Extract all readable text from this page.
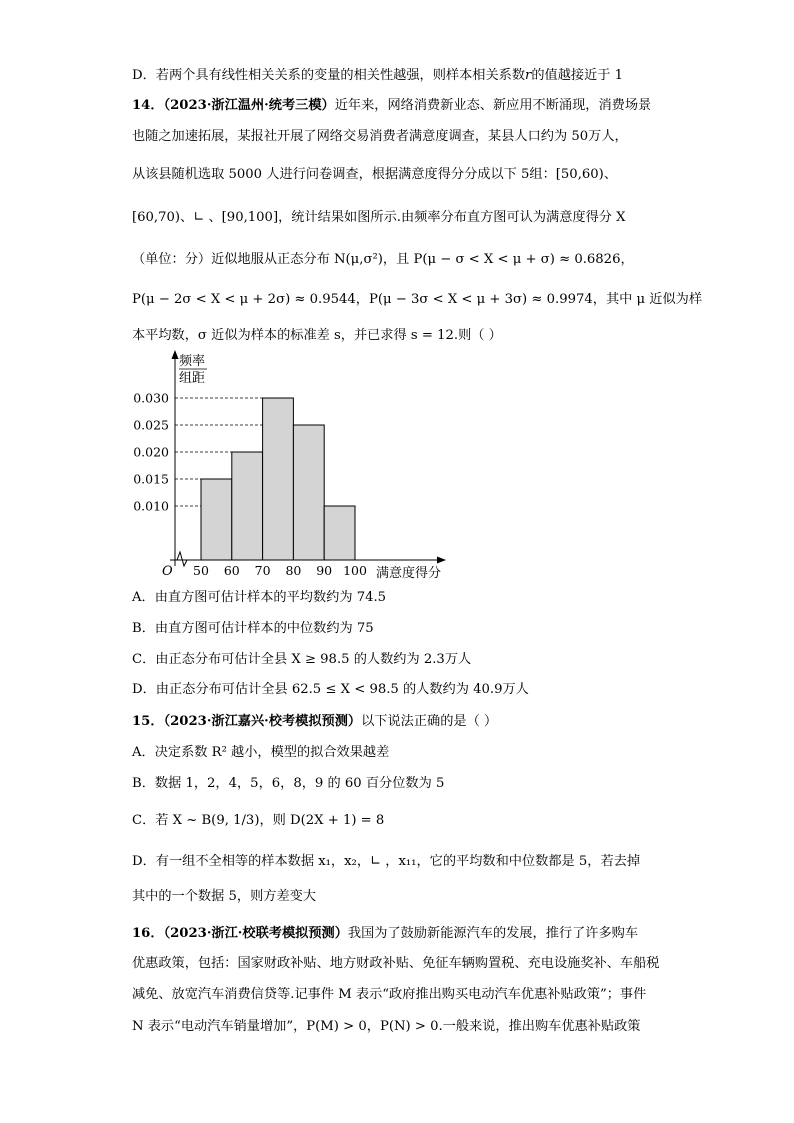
D．若两个具有线性相关关系的变量的相关性越强，则样本相关系数r的值越接近于 1
14．（2023·浙江温州·统考三模）近年来，网络消费新业态、新应用不断涌现，消费场景
也随之加速拓展，某报社开展了网络交易消费者满意度调查，某县人口约为 50万人，
从该县随机选取 5000 人进行问卷调查，根据满意度得分分成以下 5组：[50,60)、
[60,70)、∟ 、[90,100]，统计结果如图所示.由频率分布直方图可认为满意度得分 X
（单位：分）近似地服从正态分布 N(μ,σ²)，且 P(μ − σ < X < μ + σ) ≈ 0.6826，
P(μ − 2σ < X < μ + 2σ) ≈ 0.9544，P(μ − 3σ < X < μ + 3σ) ≈ 0.9974，其中 μ 近似为样
本平均数，σ 近似为样本的标准差 s，并已求得 s = 12.则（ ）
频率
组距
O	满意度得分
0.010
0.015
0.020
0.025
0.030
50 60 70 80 90 100
A．由直方图可估计样本的平均数约为 74.5
B．由直方图可估计样本的中位数约为 75
C．由正态分布可估计全县 X ≥ 98.5 的人数约为 2.3万人
D．由正态分布可估计全县 62.5 ≤ X < 98.5 的人数约为 40.9万人
15．（2023·浙江嘉兴·校考模拟预测）以下说法正确的是（ ）
A．决定系数 R² 越小，模型的拟合效果越差
B．数据 1，2，4，5，6，8，9 的 60 百分位数为 5
C．若 X ~ B(9, 1/3)，则 D(2X + 1) = 8
D．有一组不全相等的样本数据 x₁，x₂，∟ ，x₁₁，它的平均数和中位数都是 5，若去掉
其中的一个数据 5，则方差变大
16．（2023·浙江·校联考模拟预测）我国为了鼓励新能源汽车的发展，推行了许多购车
优惠政策，包括：国家财政补贴、地方财政补贴、免征车辆购置税、充电设施奖补、车船税
减免、放宽汽车消费信贷等.记事件 M 表示“政府推出购买电动汽车优惠补贴政策”；事件
N 表示“电动汽车销量增加”，P(M) > 0，P(N) > 0.一般来说，推出购车优惠补贴政策
